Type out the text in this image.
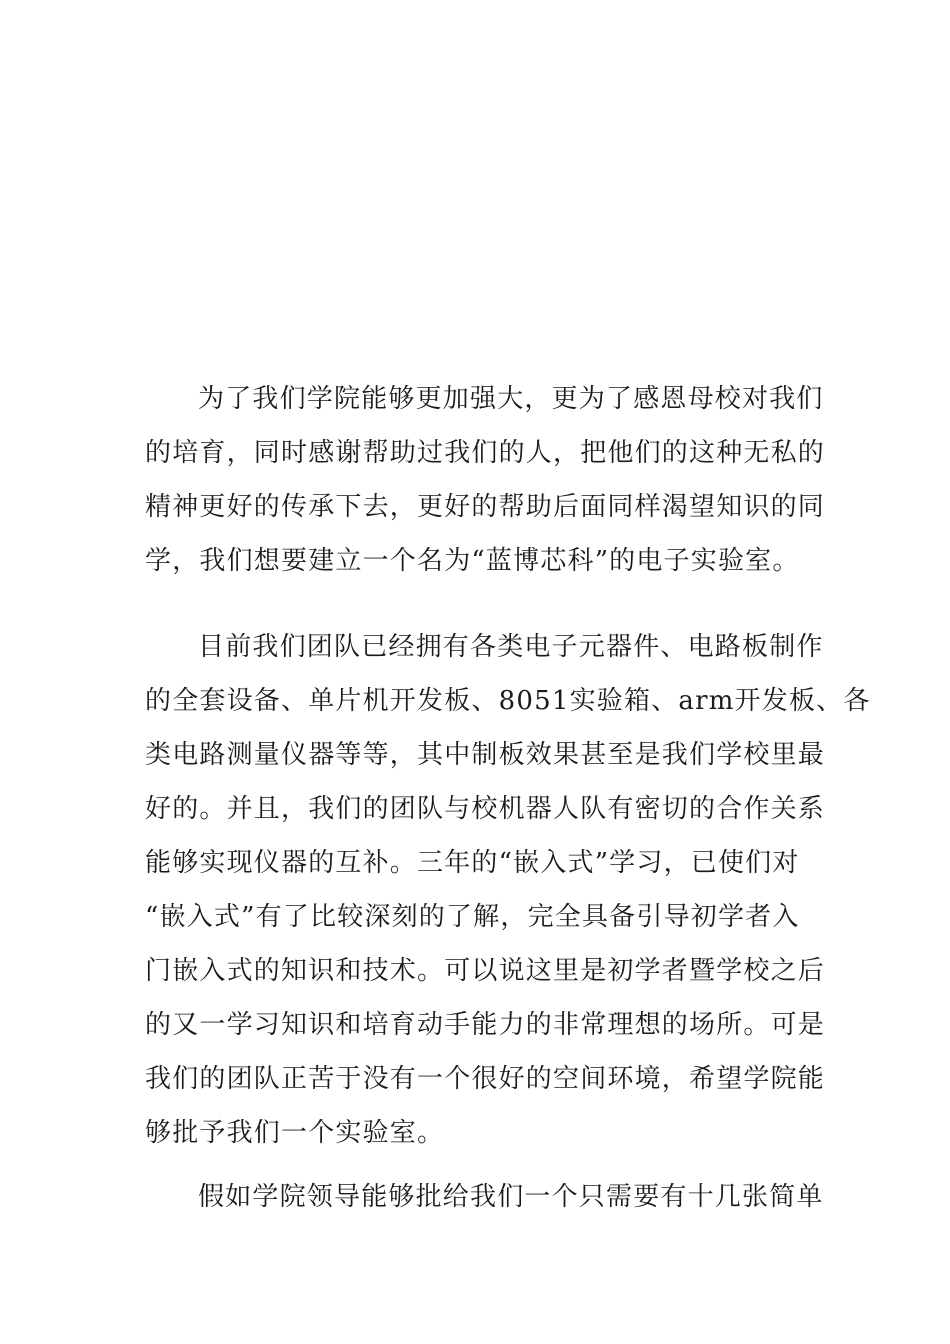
为了我们学院能够更加强大，更为了感恩母校对我们
的培育，同时感谢帮助过我们的人，把他们的这种无私的
精神更好的传承下去，更好的帮助后面同样渴望知识的同
学，我们想要建立一个名为“蓝博芯科”的电子实验室。
目前我们团队已经拥有各类电子元器件、电路板制作
的全套设备、单片机开发板、8051实验箱、arm开发板、各
类电路测量仪器等等，其中制板效果甚至是我们学校里最
好的。并且，我们的团队与校机器人队有密切的合作关系
能够实现仪器的互补。三年的“嵌入式”学习，已使们对
“嵌入式”有了比较深刻的了解，完全具备引导初学者入
门嵌入式的知识和技术。可以说这里是初学者暨学校之后
的又一学习知识和培育动手能力的非常理想的场所。可是
我们的团队正苦于没有一个很好的空间环境，希望学院能
够批予我们一个实验室。
假如学院领导能够批给我们一个只需要有十几张简单
